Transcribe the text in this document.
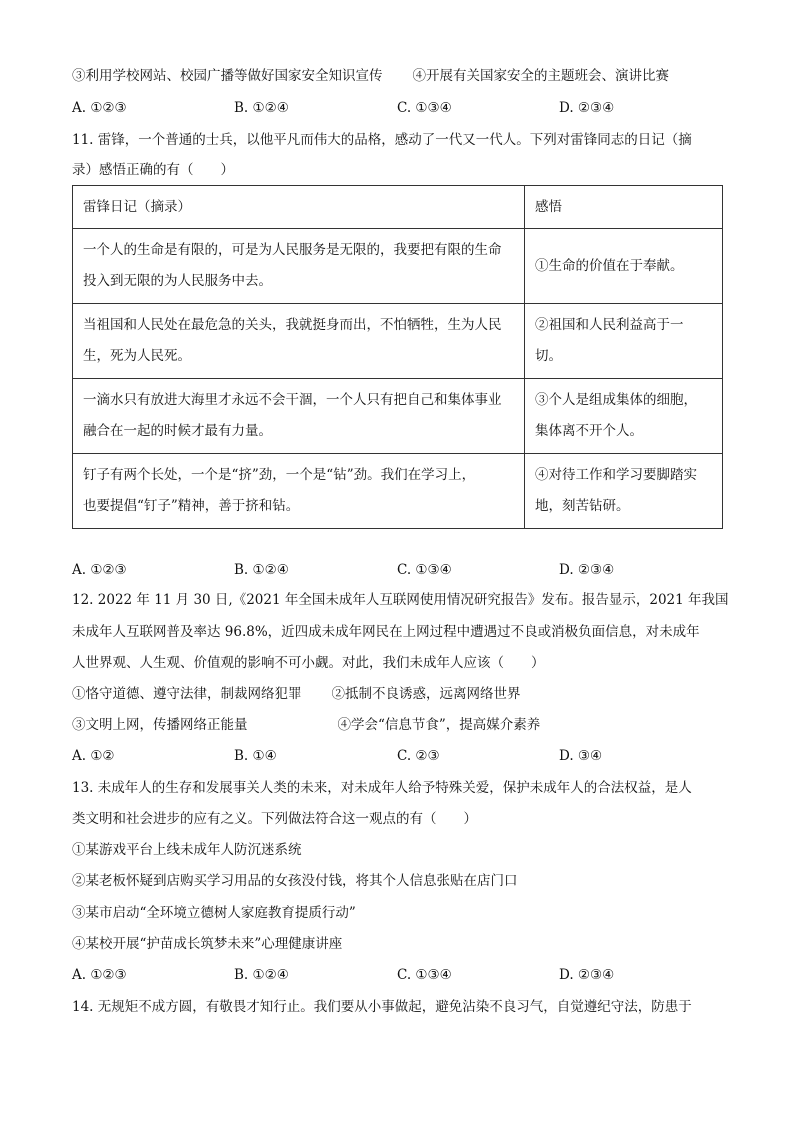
③利用学校网站、校园广播等做好国家安全知识宣传 ④开展有关国家安全的主题班会、演讲比赛
A. ①②③	B. ①②④	C. ①③④	D. ②③④
11. 雷锋，一个普通的士兵，以他平凡而伟大的品格，感动了一代又一代人。下列对雷锋同志的日记（摘
录）感悟正确的有（　　）
雷锋日记（摘录）	感悟
一个人的生命是有限的，可是为人民服务是无限的，我要把有限的生命
投入到无限的为人民服务中去。	①生命的价值在于奉献。
当祖国和人民处在最危急的关头，我就挺身而出，不怕牺牲，生为人民
生，死为人民死。	②祖国和人民利益高于一
切。
一滴水只有放进大海里才永远不会干涸，一个人只有把自己和集体事业
融合在一起的时候才最有力量。	③个人是组成集体的细胞，
集体离不开个人。
钉子有两个长处，一个是“挤”劲，一个是“钻”劲。我们在学习上，
也要提倡“钉子”精神，善于挤和钻。	④对待工作和学习要脚踏实
地，刻苦钻研。
A. ①②③	B. ①②④	C. ①③④	D. ②③④
12. 2022 年 11 月 30 日,《2021 年全国未成年人互联网使用情况研究报告》发布。报告显示，2021 年我国
未成年人互联网普及率达 96.8%，近四成未成年网民在上网过程中遭遇过不良或消极负面信息，对未成年
人世界观、人生观、价值观的影响不可小觑。对此，我们未成年人应该（　　）
①恪守道德、遵守法律，制裁网络犯罪 ②抵制不良诱惑，远离网络世界
③文明上网，传播网络正能量	④学会“信息节食”，提高媒介素养
A. ①②	B. ①④	C. ②③	D. ③④
13. 未成年人的生存和发展事关人类的未来，对未成年人给予特殊关爱，保护未成年人的合法权益，是人
类文明和社会进步的应有之义。下列做法符合这一观点的有（　　）
①某游戏平台上线未成年人防沉迷系统
②某老板怀疑到店购买学习用品的女孩没付钱，将其个人信息张贴在店门口
③某市启动“全环境立德树人家庭教育提质行动”
④某校开展“护苗成长筑梦未来”心理健康讲座
A. ①②③	B. ①②④	C. ①③④	D. ②③④
14. 无规矩不成方圆，有敬畏才知行止。我们要从小事做起，避免沾染不良习气，自觉遵纪守法，防患于
